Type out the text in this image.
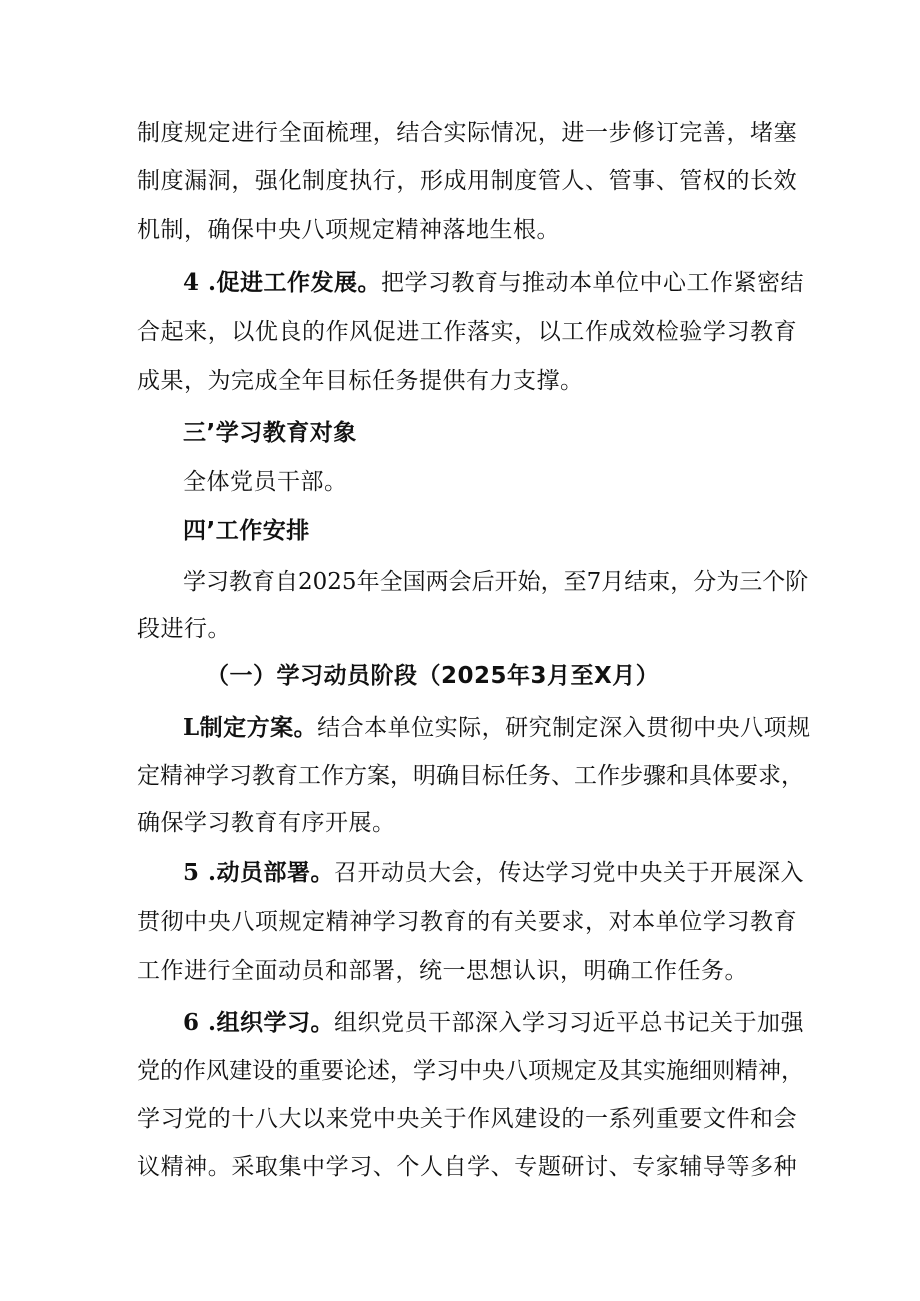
制 度 规 定 进 行 全 面 梳 理 ， 结 合 实 际 情 况 ， 进 一 步 修 订 完 善 ， 堵 塞
制 度 漏 洞 ， 强 化 制 度 执 行 ， 形 成 用 制 度 管 人 、 管 事 、 管 权 的 长 效
机制，确保中央八项规定精神落地生根。
4 .促进工作发展。把学习教育与推动本单位中心工作紧密结
合 起 来 ， 以 优 良 的 作 风 促 进 工 作 落 实 ， 以 工 作 成 效 检 验 学 习 教 育
成果，为完成全年目标任务提供有力支撑。
三’学习教育对象
全体党员干部。
四’工作安排
学 习 教 育 自 2 0 2 5 年 全 国 两 会 后 开 始 ， 至 7 月 结 束 ， 分 为 三 个 阶
段进行。
（一）学习动员阶段（2025年3月至X月）
L制定方案。结合本单位实际，研究制定深入贯彻中央八项规
定 精 神 学 习 教 育 工 作 方 案 ， 明 确 目 标 任 务 、 工 作 步 骤 和 具 体 要 求 ，
确保学习教育有序开展。
5 .动员部署。召开动员大会，传达学习党中央关于开展深入
贯 彻 中 央 八 项 规 定 精 神 学 习 教 育 的 有 关 要 求 ， 对 本 单 位 学 习 教 育
工作进行全面动员和部署，统一思想认识，明确工作任务。
6 .组织学习。组织党员干部深入学习习近平总书记关于加强
党 的 作 风 建 设 的 重 要 论 述 ， 学 习 中 央 八 项 规 定 及 其 实 施 细 则 精 神 ，
学 习 党 的 十 八 大 以 来 党 中 央 关 于 作 风 建 设 的 一 系 列 重 要 文 件 和 会
议 精 神 。 采 取 集 中 学 习 、 个 人 自 学 、 专 题 研 讨 、 专 家 辅 导 等 多 种
